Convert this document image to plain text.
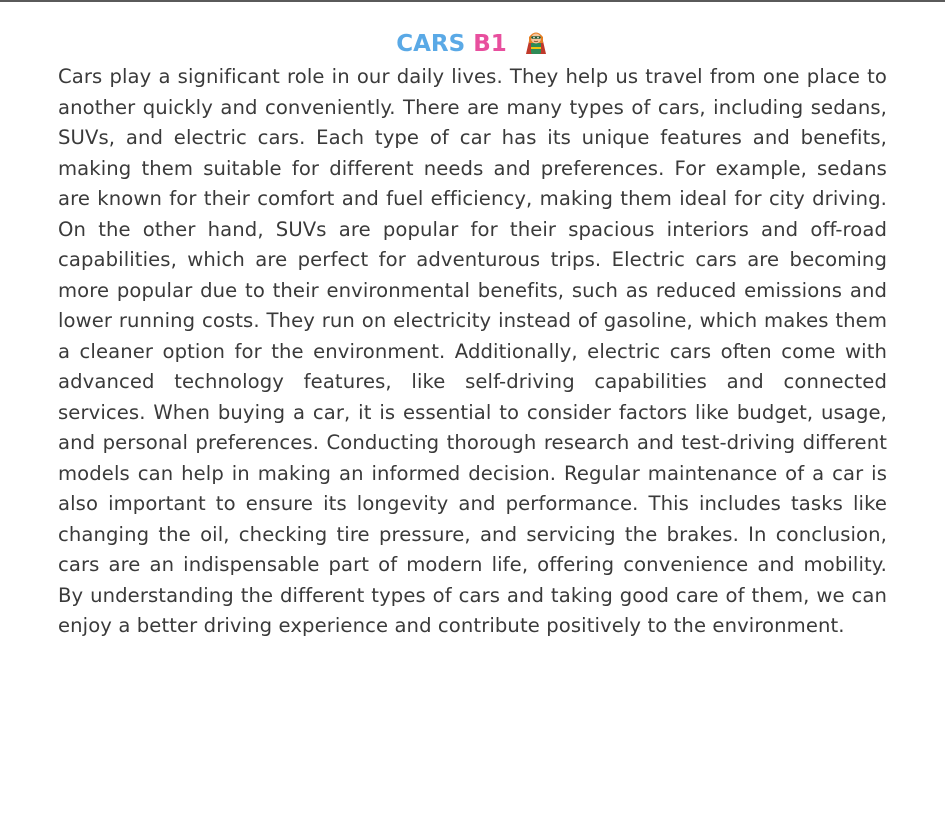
CARS B1

Cars play a significant role in our daily lives. They help us travel from one place to another quickly and conveniently. There are many types of cars, including sedans, SUVs, and electric cars. Each type of car has its unique features and benefits, making them suitable for different needs and preferences. For example, sedans are known for their comfort and fuel efficiency, making them ideal for city driving. On the other hand, SUVs are popular for their spacious interiors and off-road capabilities, which are perfect for adventurous trips. Electric cars are becoming more popular due to their environmental benefits, such as reduced emissions and lower running costs. They run on electricity instead of gasoline, which makes them a cleaner option for the environment. Additionally, electric cars often come with advanced technology features, like self-driving capabilities and connected services. When buying a car, it is essential to consider factors like budget, usage, and personal preferences. Conducting thorough research and test-driving different models can help in making an informed decision. Regular maintenance of a car is also important to ensure its longevity and performance. This includes tasks like changing the oil, checking tire pressure, and servicing the brakes. In conclusion, cars are an indispensable part of modern life, offering convenience and mobility. By understanding the different types of cars and taking good care of them, we can enjoy a better driving experience and contribute positively to the environment.
